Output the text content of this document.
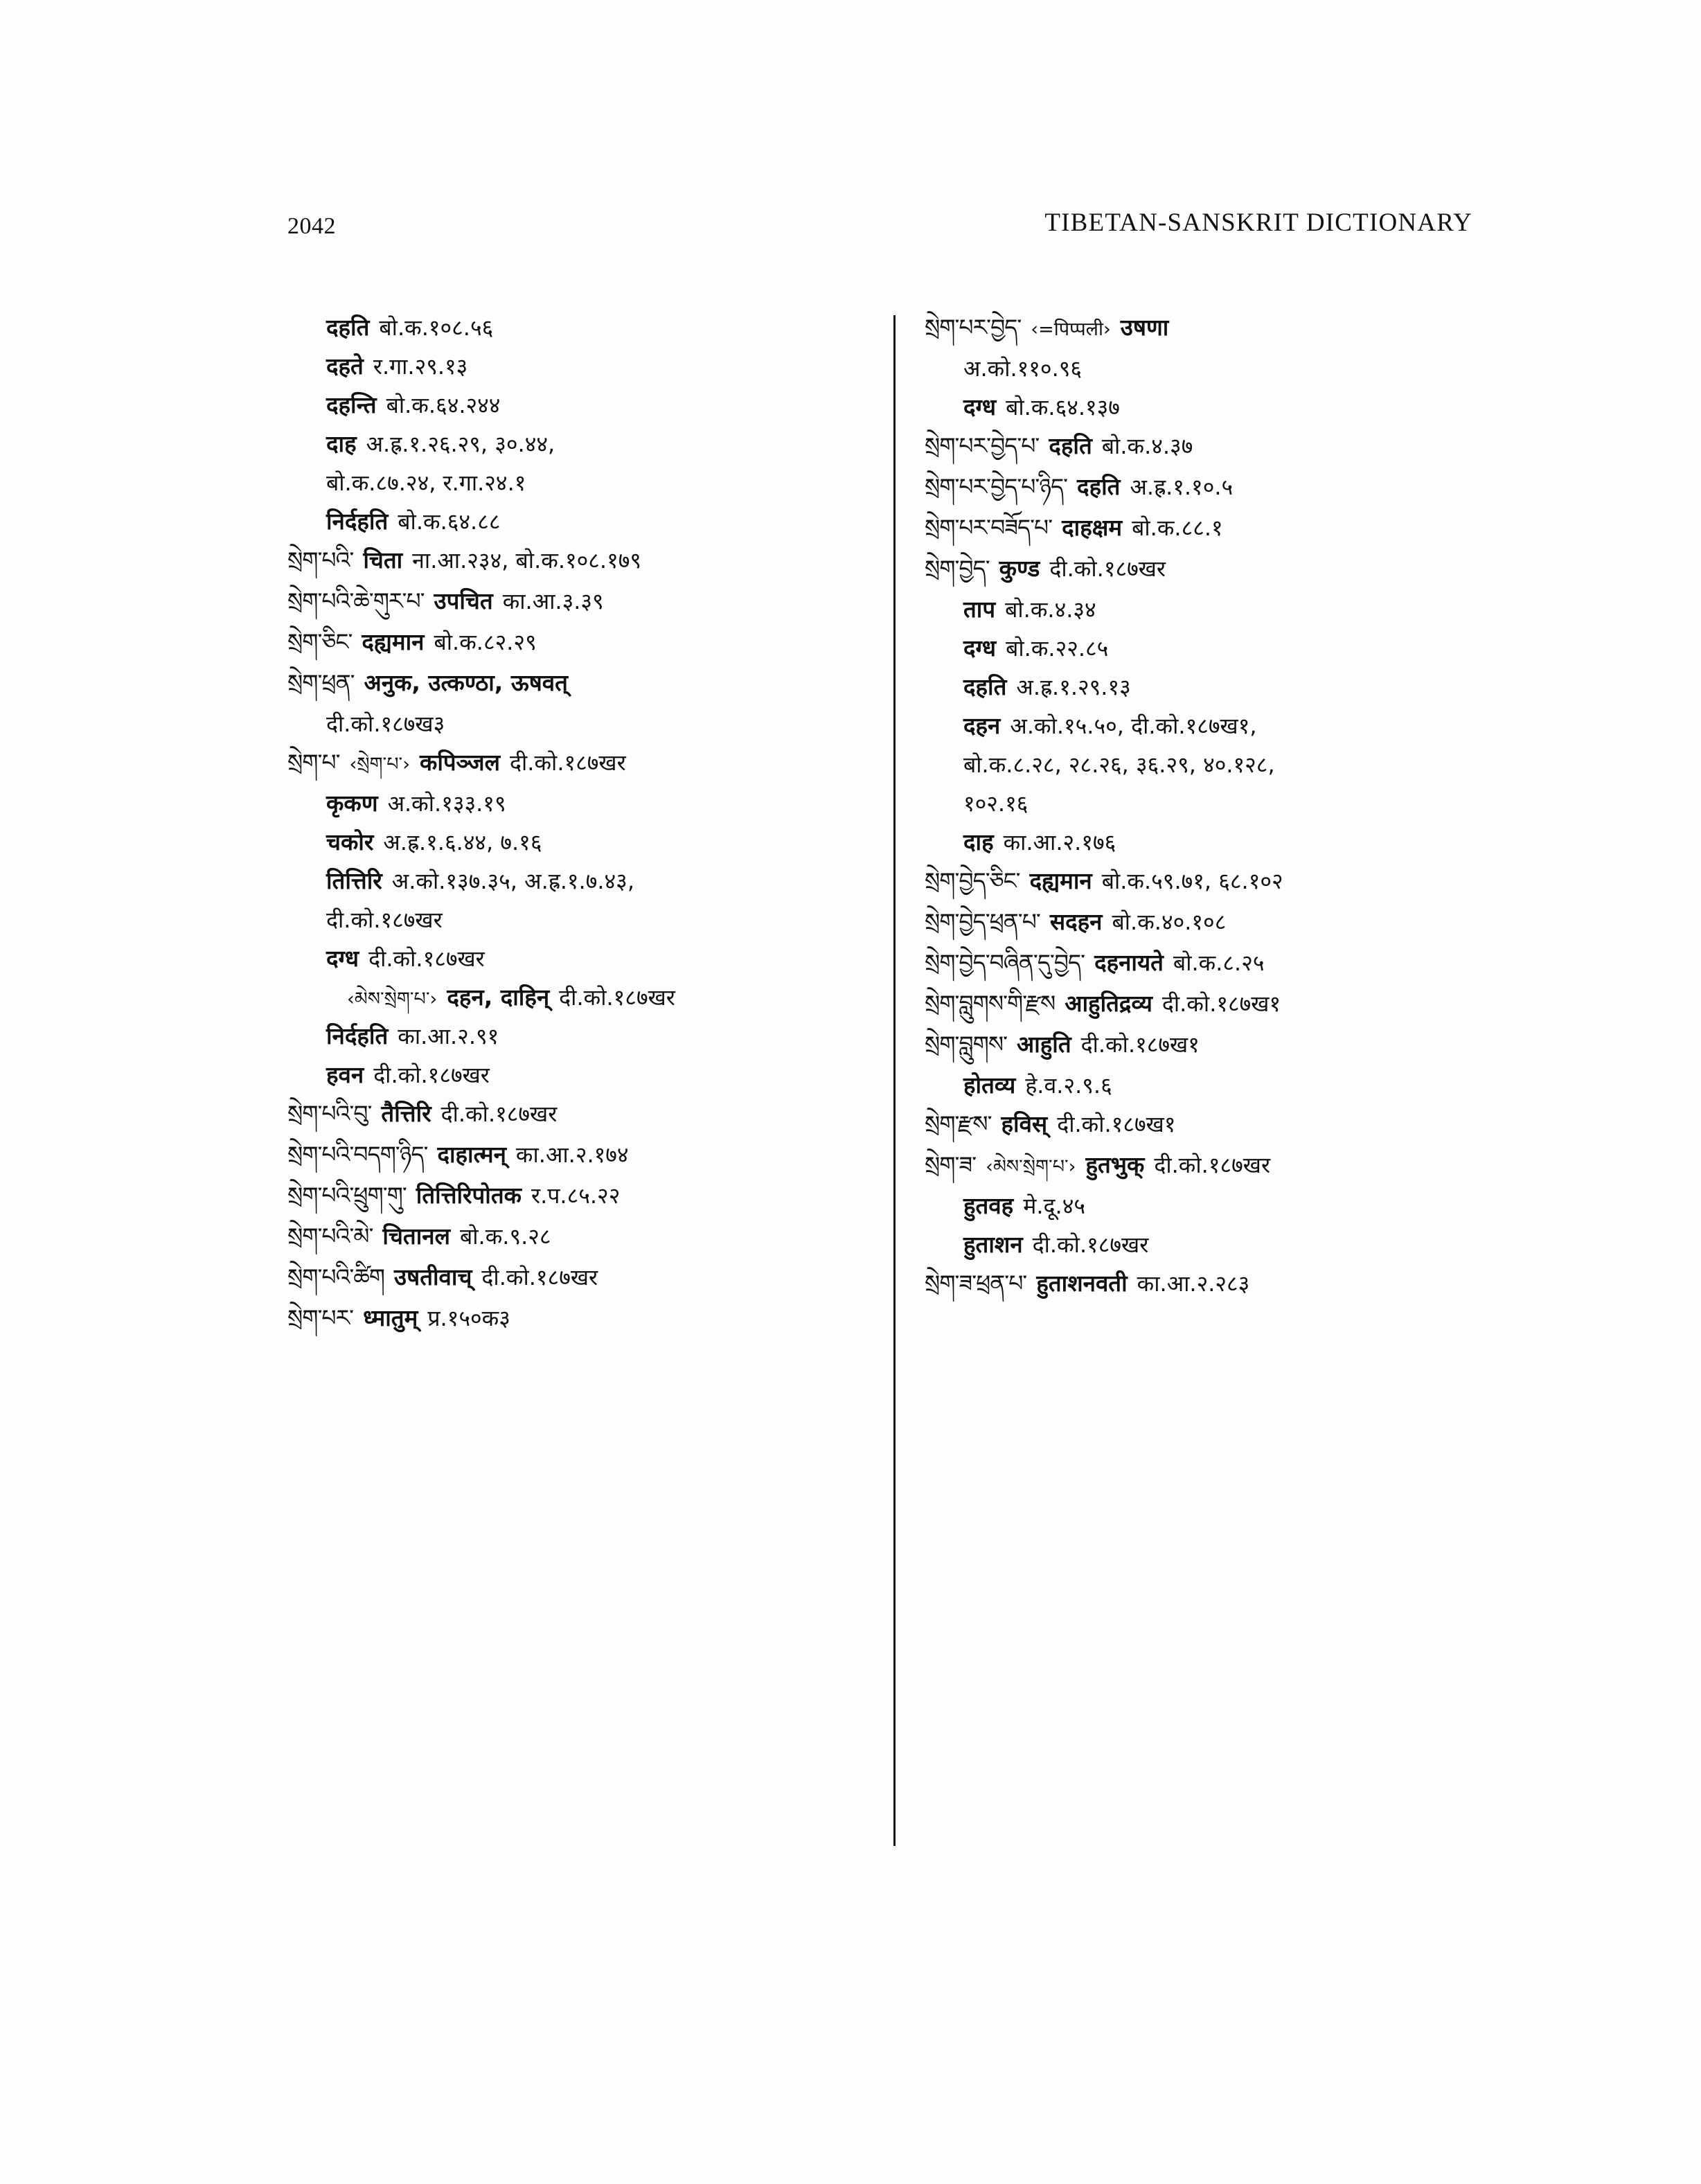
2042	TIBETAN-SANSKRIT DICTIONARY
दहति बो.क.१०८.५६
दहते र.गा.२९.१३
दहन्ति बो.क.६४.२४४
दाह अ.ह्र.१.२६.२९, ३०.४४,
बो.क.८७.२४, र.गा.२४.१
निर्दहति बो.क.६४.८८
སྲེག་པའི་ चिता ना.आ.२३४, बो.क.१०८.१७९
སྲེག་པའི་ཆེ་གུར་པ་ उपचित का.आ.३.३९
སྲེག་ཅིང་ दह्यमान बो.क.८२.२९
སྲེག་ཕྲན་ अनुक, उत्कण्ठा, ऊषवत्
दी.को.१८७ख३
སྲེག་པ་ ‹སྲེག་པ་› कपिञ्जल दी.को.१८७खर
कृकण अ.को.१३३.१९
चकोर अ.ह्र.१.६.४४, ७.१६
तित्तिरि अ.को.१३७.३५, अ.ह्र.१.७.४३,
दी.को.१८७खर
दग्ध दी.को.१८७खर
‹མེས་སྲེག་པ་› दहन, दाहिन् दी.को.१८७खर
निर्दहति का.आ.२.९१
हवन दी.को.१८७खर
སྲེག་པའི་བུ་ तैत्तिरि दी.को.१८७खर
སྲེག་པའི་བདག་ཉིད་ दाहात्मन् का.आ.२.१७४
སྲེག་པའི་ཕྲུག་གུ་ तित्तिरिपोतक र.प.८५.२२
སྲེག་པའི་མེ་ चितानल बो.क.९.२८
སྲེག་པའི་ཚིག उषतीवाच् दी.को.१८७खर
སྲེག་པར་ ध्मातुम् प्र.१५०क३
སྲེག་པར་བྱེད་ ‹=पिप्पली› उषणा
अ.को.११०.९६
दग्ध बो.क.६४.१३७
སྲེག་པར་བྱེད་པ་ दहति बो.क.४.३७
སྲེག་པར་བྱེད་པ་ཉིད་ दहति अ.ह्र.१.१०.५
སྲེག་པར་བཟོད་པ་ दाहक्षम बो.क.८८.१
སྲེག་བྱེད་ कुण्ड दी.को.१८७खर
ताप बो.क.४.३४
दग्ध बो.क.२२.८५
दहति अ.ह्र.१.२९.१३
दहन अ.को.१५.५०, दी.को.१८७ख१,
बो.क.८.२८, २८.२६, ३६.२९, ४०.१२८,
१०२.१६
दाह का.आ.२.१७६
སྲེག་བྱེད་ཅིང་ दह्यमान बो.क.५९.७१, ६८.१०२
སྲེག་བྱེད་ཕྲན་པ་ सदहन बो.क.४०.१०८
སྲེག་བྱེད་བཞིན་དུ་བྱེད་ दहनायते बो.क.८.२५
སྲེག་བླུགས་གི་རྫས आहुतिद्रव्य दी.को.१८७ख१
སྲེག་བླུགས་ आहुति दी.को.१८७ख१
होतव्य हे.व.२.९.६
སྲེག་རྫས་ हविस् दी.को.१८७ख१
སྲེག་ཟ་ ‹མེས་སྲེག་པ་› हुतभुक् दी.को.१८७खर
हुतवह मे.दू.४५
हुताशन दी.को.१८७खर
སྲེག་ཟ་ཕྲན་པ་ हुताशनवती का.आ.२.२८३
